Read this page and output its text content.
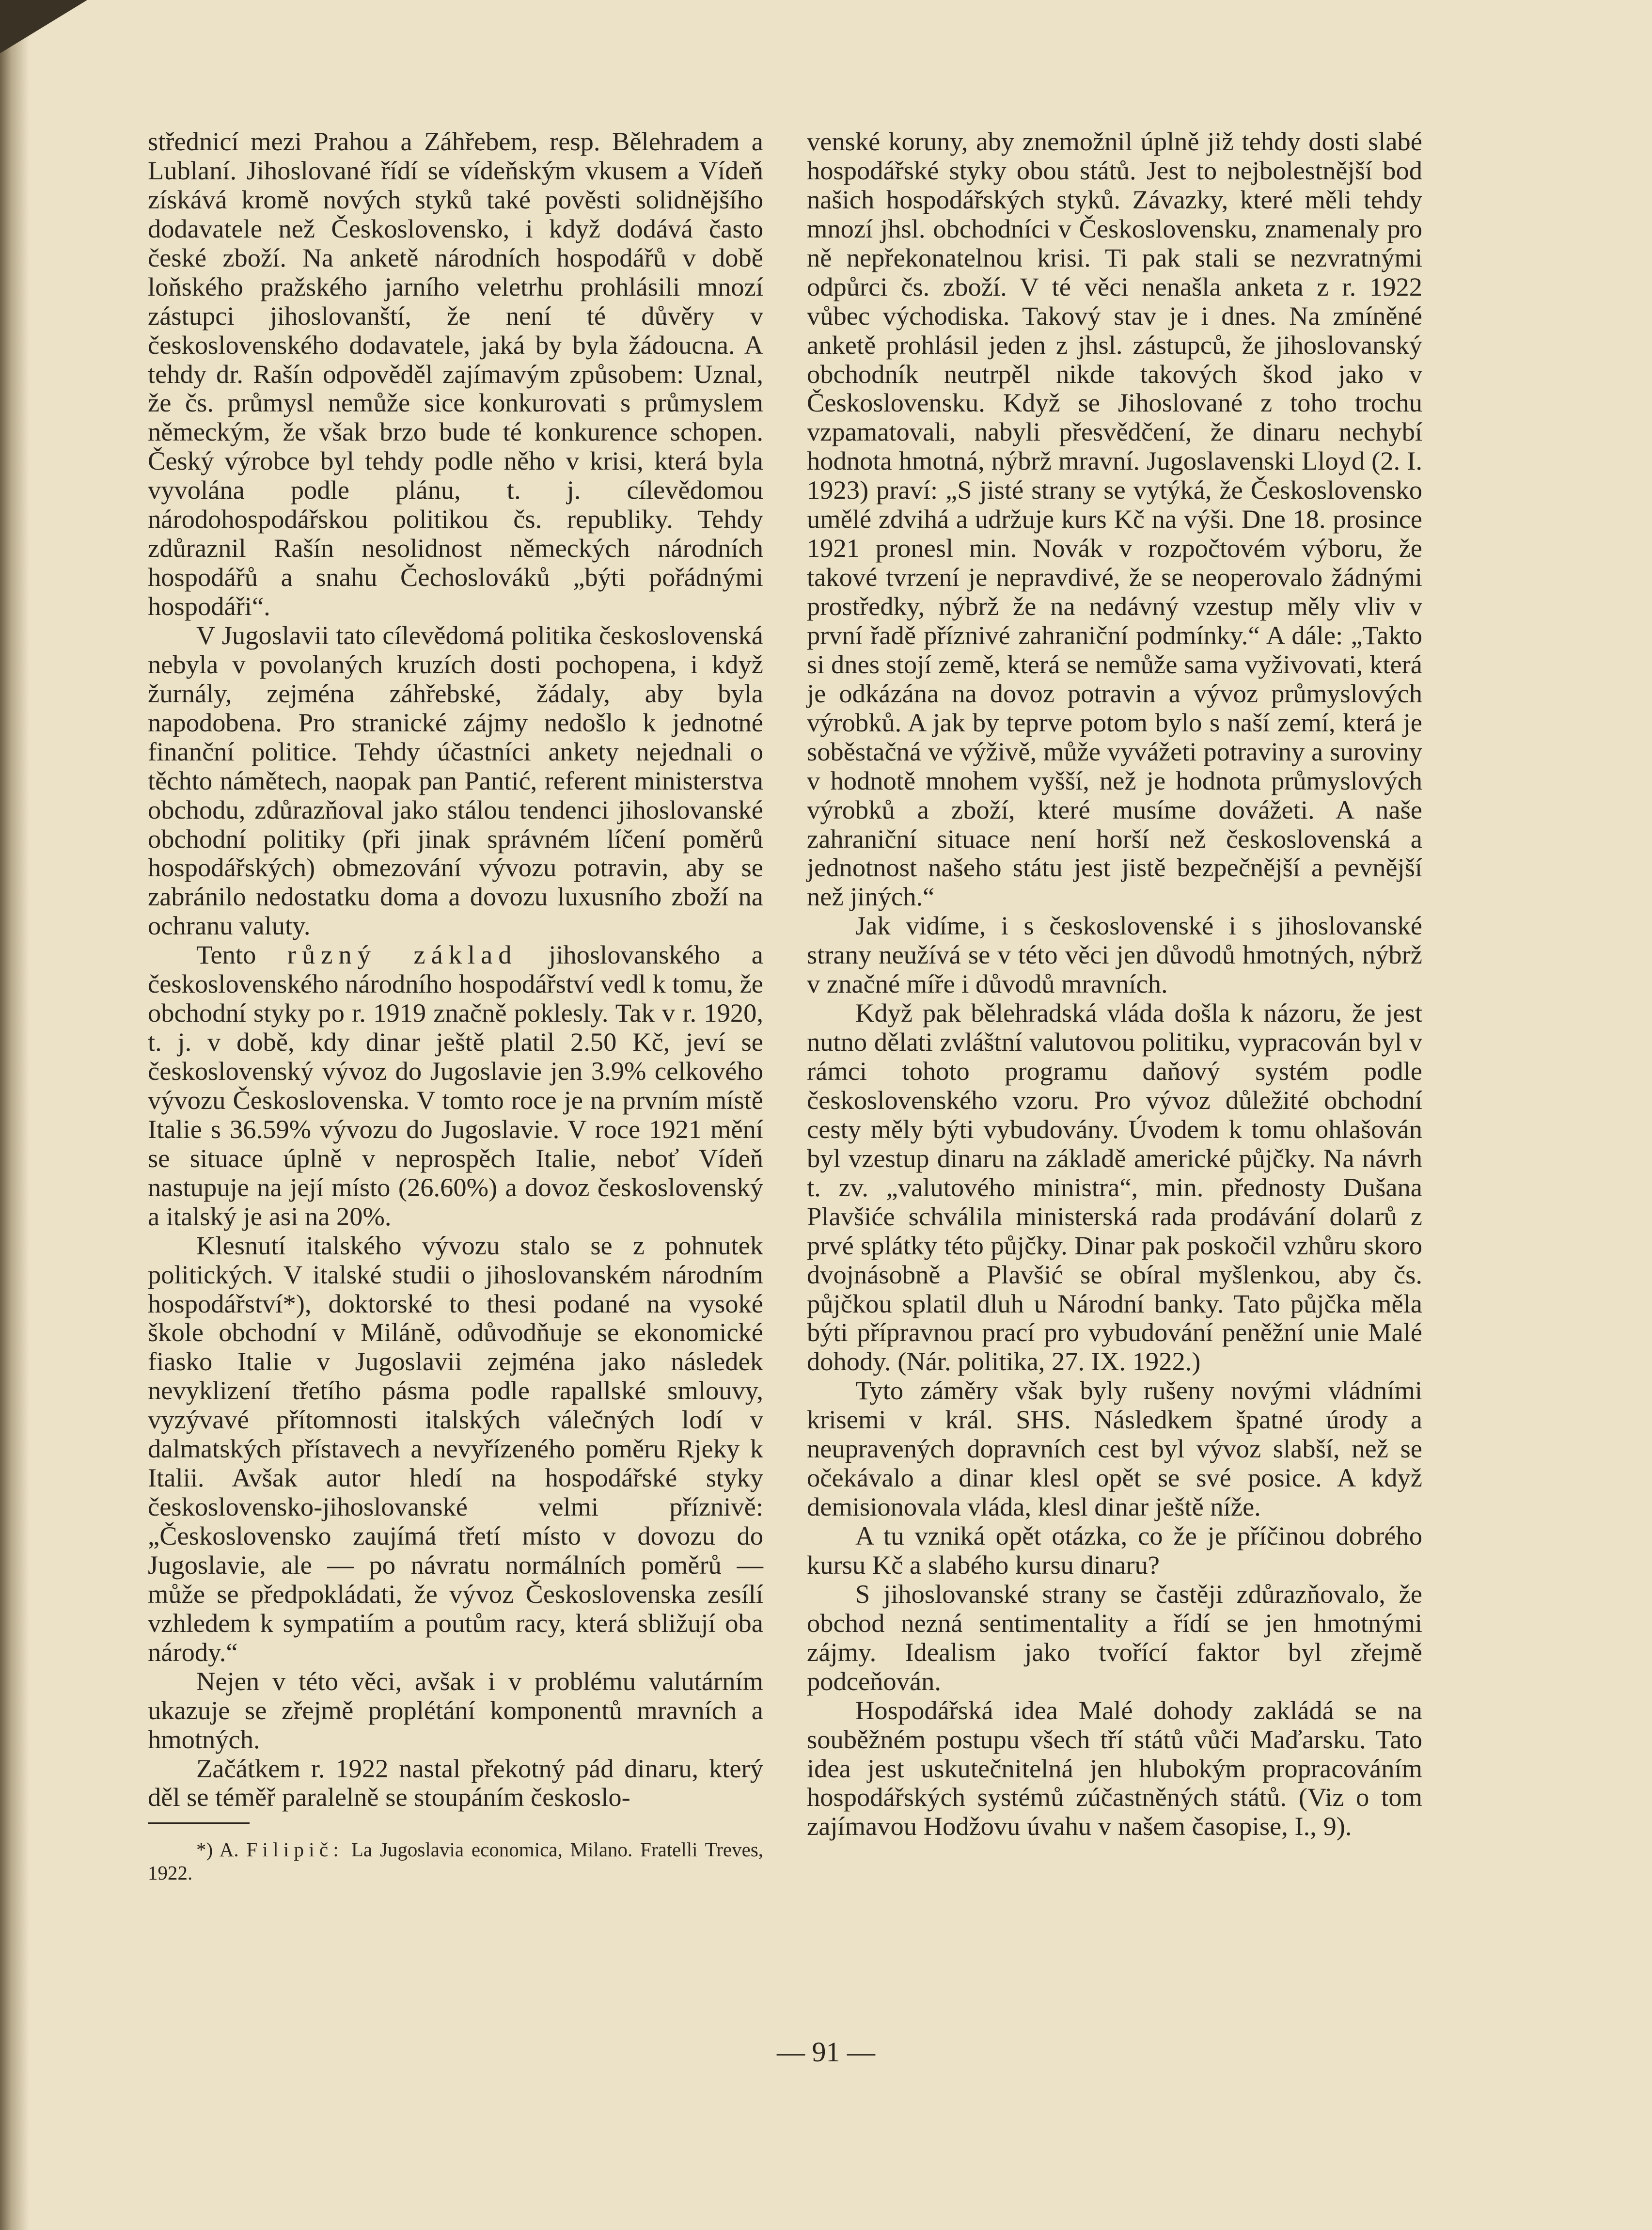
střednicí mezi Prahou a Záhřebem, resp. Bělehradem a Lublaní. Jihoslované řídí se vídeňským vkusem a Vídeň získává kromě nových styků také pověsti solidnějšího dodavatele než Československo, i když dodává často české zboží. Na anketě národních hospodářů v době loňského pražského jarního veletrhu prohlásili mnozí zástupci jihoslovanští, že není té důvěry v československého dodavatele, jaká by byla žádoucna. A tehdy dr. Rašín odpověděl zajímavým způsobem: Uznal, že čs. průmysl nemůže sice konkurovati s průmyslem německým, že však brzo bude té konkurence schopen. Český výrobce byl tehdy podle něho v krisi, která byla vyvolána podle plánu, t. j. cílevědomou národohospodářskou politikou čs. republiky. Tehdy zdůraznil Rašín nesolidnost německých národních hospodářů a snahu Čechoslováků „býti pořádnými hospodáři“.

V Jugoslavii tato cílevědomá politika československá nebyla v povolaných kruzích dosti pochopena, i když žurnály, zejména záhřebské, žádaly, aby byla napodobena. Pro stranické zájmy nedošlo k jednotné finanční politice. Tehdy účastníci ankety nejednali o těchto námětech, naopak pan Pantić, referent ministerstva obchodu, zdůrazňoval jako stálou tendenci jihoslovanské obchodní politiky (při jinak správném líčení poměrů hospodářských) obmezování vývozu potravin, aby se zabránilo nedostatku doma a dovozu luxusního zboží na ochranu valuty.

Tento různý základ jihoslovanského a československého národního hospodářství vedl k tomu, že obchodní styky po r. 1919 značně poklesly. Tak v r. 1920, t. j. v době, kdy dinar ještě platil 2.50 Kč, jeví se československý vývoz do Jugoslavie jen 3.9% celkového vývozu Československa. V tomto roce je na prvním místě Italie s 36.59% vývozu do Jugoslavie. V roce 1921 mění se situace úplně v neprospěch Italie, neboť Vídeň nastupuje na její místo (26.60%) a dovoz československý a italský je asi na 20%.

Klesnutí italského vývozu stalo se z pohnutek politických. V italské studii o jihoslovanském národním hospodářství*), doktorské to thesi podané na vysoké škole obchodní v Miláně, odůvodňuje se ekonomické fiasko Italie v Jugoslavii zejména jako následek nevyklizení třetího pásma podle rapallské smlouvy, vyzývavé přítomnosti italských válečných lodí v dalmatských přístavech a nevyřízeného poměru Rjeky k Italii. Avšak autor hledí na hospodářské styky československo-jihoslovanské velmi příznivě: „Československo zaujímá třetí místo v dovozu do Jugoslavie, ale — po návratu normálních poměrů — může se předpokládati, že vývoz Československa zesílí vzhledem k sympatiím a poutům racy, která sbližují oba národy.“

Nejen v této věci, avšak i v problému valutárním ukazuje se zřejmě proplétání komponentů mravních a hmotných.

Začátkem r. 1922 nastal překotný pád dinaru, který děl se téměř paralelně se stoupáním českoslo-

*) A. Filipič: La Jugoslavia economica, Milano. Fratelli Treves, 1922.

venské koruny, aby znemožnil úplně již tehdy dosti slabé hospodářské styky obou států. Jest to nejbolestnější bod našich hospodářských styků. Závazky, které měli tehdy mnozí jhsl. obchodníci v Československu, znamenaly pro ně nepřekonatelnou krisi. Ti pak stali se nezvratnými odpůrci čs. zboží. V té věci nenašla anketa z r. 1922 vůbec východiska. Takový stav je i dnes. Na zmíněné anketě prohlásil jeden z jhsl. zástupců, že jihoslovanský obchodník neutrpěl nikde takových škod jako v Československu. Když se Jihoslované z toho trochu vzpamatovali, nabyli přesvědčení, že dinaru nechybí hodnota hmotná, nýbrž mravní. Jugoslavenski Lloyd (2. I. 1923) praví: „S jisté strany se vytýká, že Československo umělé zdvihá a udržuje kurs Kč na výši. Dne 18. prosince 1921 pronesl min. Novák v rozpočtovém výboru, že takové tvrzení je nepravdivé, že se neoperovalo žádnými prostředky, nýbrž že na nedávný vzestup měly vliv v první řadě příznivé zahraniční podmínky.“ A dále: „Takto si dnes stojí země, která se nemůže sama vyživovati, která je odkázána na dovoz potravin a vývoz průmyslových výrobků. A jak by teprve potom bylo s naší zemí, která je soběstačná ve výživě, může vyvážeti potraviny a suroviny v hodnotě mnohem vyšší, než je hodnota průmyslových výrobků a zboží, které musíme dovážeti. A naše zahraniční situace není horší než československá a jednotnost našeho státu jest jistě bezpečnější a pevnější než jiných.“

Jak vidíme, i s československé i s jihoslovanské strany neužívá se v této věci jen důvodů hmotných, nýbrž v značné míře i důvodů mravních.

Když pak bělehradská vláda došla k názoru, že jest nutno dělati zvláštní valutovou politiku, vypracován byl v rámci tohoto programu daňový systém podle československého vzoru. Pro vývoz důležité obchodní cesty měly býti vybudovány. Úvodem k tomu ohlašován byl vzestup dinaru na základě americké půjčky. Na návrh t. zv. „valutového ministra“, min. přednosty Dušana Plavšiće schválila ministerská rada prodávání dolarů z prvé splátky této půjčky. Dinar pak poskočil vzhůru skoro dvojnásobně a Plavšić se obíral myšlenkou, aby čs. půjčkou splatil dluh u Národní banky. Tato půjčka měla býti přípravnou prací pro vybudování peněžní unie Malé dohody. (Nár. politika, 27. IX. 1922.)

Tyto záměry však byly rušeny novými vládními krisemi v král. SHS. Následkem špatné úrody a neupravených dopravních cest byl vývoz slabší, než se očekávalo a dinar klesl opět se své posice. A když demisionovala vláda, klesl dinar ještě níže.

A tu vzniká opět otázka, co že je příčinou dobrého kursu Kč a slabého kursu dinaru?

S jihoslovanské strany se častěji zdůrazňovalo, že obchod nezná sentimentality a řídí se jen hmotnými zájmy. Idealism jako tvořící faktor byl zřejmě podceňován.

Hospodářská idea Malé dohody zakládá se na souběžném postupu všech tří států vůči Maďarsku. Tato idea jest uskutečnitelná jen hlubokým propracováním hospodářských systémů zúčastněných států. (Viz o tom zajímavou Hodžovu úvahu v našem časopise, I., 9).

— 91 —
